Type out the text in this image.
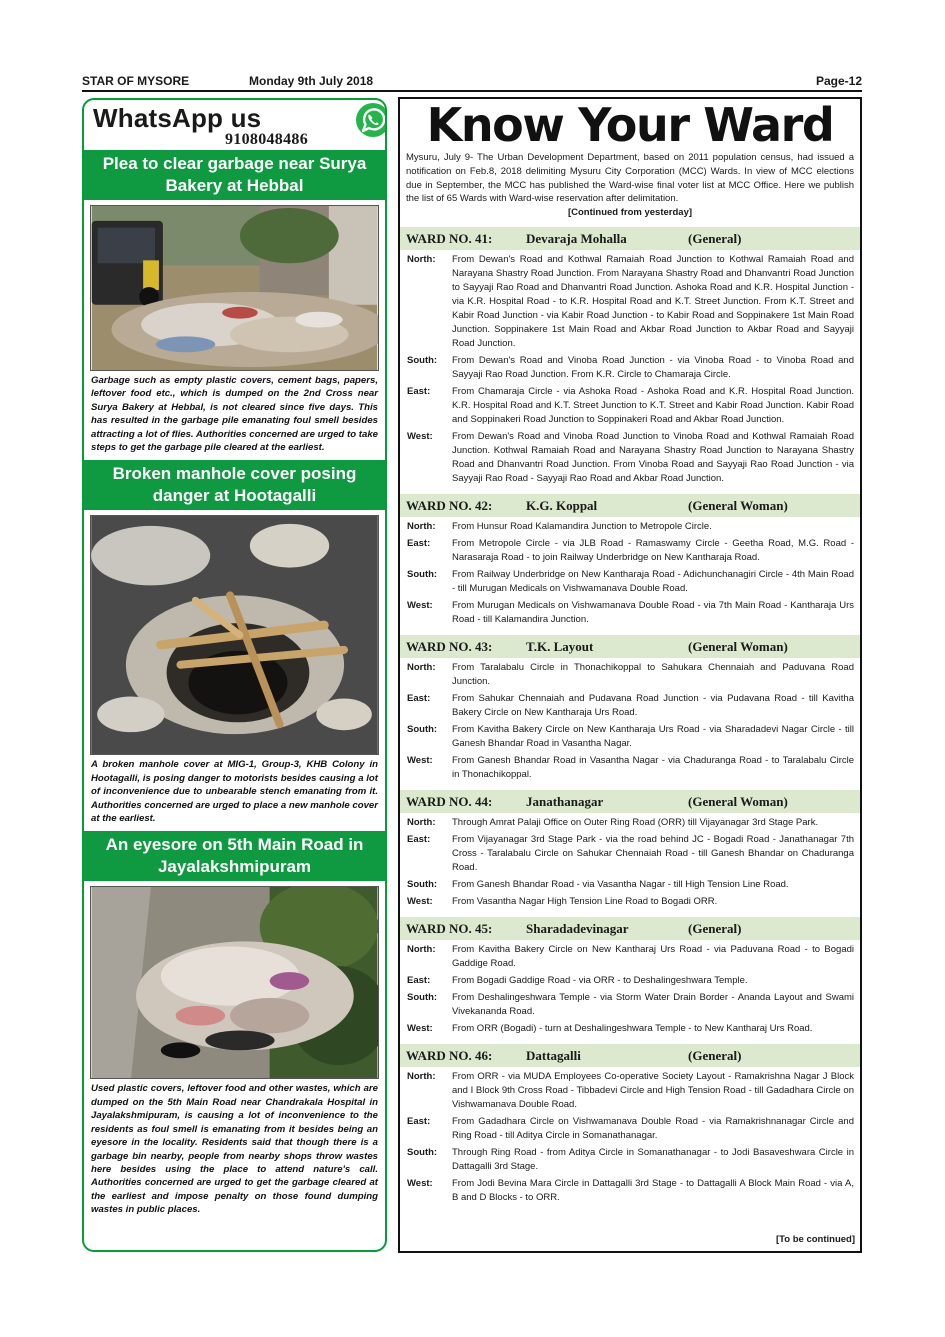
STAR OF MYSORE	Monday 9th July 2018	Page-12
WhatsApp us
9108048486
Plea to clear garbage near Surya Bakery at Hebbal
Garbage such as empty plastic covers, cement bags, papers, leftover food etc., which is dumped on the 2nd Cross near Surya Bakery at Hebbal, is not cleared since five days. This has resulted in the garbage pile emanating foul smell besides attracting a lot of flies. Authorities concerned are urged to take steps to get the garbage pile cleared at the earliest.
Broken manhole cover posing danger at Hootagalli
A broken manhole cover at MIG-1, Group-3, KHB Colony in Hootagalli, is posing danger to motorists besides causing a lot of inconvenience due to unbearable stench emanating from it. Authorities concerned are urged to place a new manhole cover at the earliest.
An eyesore on 5th Main Road in Jayalakshmipuram
Used plastic covers, leftover food and other wastes, which are dumped on the 5th Main Road near Chandrakala Hospital in Jayalakshmipuram, is causing a lot of inconvenience to the residents as foul smell is emanating from it besides being an eyesore in the locality. Residents said that though there is a garbage bin nearby, people from nearby shops throw wastes here besides using the place to attend nature's call. Authorities concerned are urged to get the garbage cleared at the earliest and impose penalty on those found dumping wastes in public places.
Know Your Ward
Mysuru, July 9- The Urban Development Department, based on 2011 population census, had issued a notification on Feb.8, 2018 delimiting Mysuru City Corporation (MCC) Wards. In view of MCC elections due in September, the MCC has published the Ward-wise final voter list at MCC Office. Here we publish the list of 65 Wards with Ward-wise reservation after delimitation.
[Continued from yesterday]
WARD NO. 41:	Devaraja Mohalla	(General)
North:	From Dewan's Road and Kothwal Ramaiah Road Junction to Kothwal Ramaiah Road and Narayana Shastry Road Junction. From Narayana Shastry Road and Dhanvantri Road Junction to Sayyaji Rao Road and Dhanvantri Road Junction. Ashoka Road and K.R. Hospital Junction - via K.R. Hospital Road - to K.R. Hospital Road and K.T. Street Junction. From K.T. Street and Kabir Road Junction - via Kabir Road Junction - to Kabir Road and Soppinakere 1st Main Road Junction. Soppinakere 1st Main Road and Akbar Road Junction to Akbar Road and Sayyaji Road Junction.
South:	From Dewan's Road and Vinoba Road Junction - via Vinoba Road - to Vinoba Road and Sayyaji Rao Road Junction. From K.R. Circle to Chamaraja Circle.
East:	From Chamaraja Circle - via Ashoka Road - Ashoka Road and K.R. Hospital Road Junction. K.R. Hospital Road and K.T. Street Junction to K.T. Street and Kabir Road Junction. Kabir Road and Soppinakeri Road Junction to Soppinakeri Road and Akbar Road Junction.
West:	From Dewan's Road and Vinoba Road Junction to Vinoba Road and Kothwal Ramaiah Road Junction. Kothwal Ramaiah Road and Narayana Shastry Road Junction to Narayana Shastry Road and Dhanvantri Road Junction. From Vinoba Road and Sayyaji Rao Road Junction - via Sayyaji Rao Road - Sayyaji Rao Road and Akbar Road Junction.
WARD NO. 42:	K.G. Koppal	(General Woman)
North:	From Hunsur Road Kalamandira Junction to Metropole Circle.
East:	From Metropole Circle - via JLB Road - Ramaswamy Circle - Geetha Road, M.G. Road - Narasaraja Road - to join Railway Underbridge on New Kantharaja Road.
South:	From Railway Underbridge on New Kantharaja Road - Adichunchanagiri Circle - 4th Main Road - till Murugan Medicals on Vishwamanava Double Road.
West:	From Murugan Medicals on Vishwamanava Double Road - via 7th Main Road - Kantharaja Urs Road - till Kalamandira Junction.
WARD NO. 43:	T.K. Layout	(General Woman)
North:	From Taralabalu Circle in Thonachikoppal to Sahukara Chennaiah and Paduvana Road Junction.
East:	From Sahukar Chennaiah and Pudavana Road Junction - via Pudavana Road - till Kavitha Bakery Circle on New Kantharaja Urs Road.
South:	From Kavitha Bakery Circle on New Kantharaja Urs Road - via Sharadadevi Nagar Circle - till Ganesh Bhandar Road in Vasantha Nagar.
West:	From Ganesh Bhandar Road in Vasantha Nagar - via Chaduranga Road - to Taralabalu Circle in Thonachikoppal.
WARD NO. 44:	Janathanagar	(General Woman)
North:	Through Amrat Palaji Office on Outer Ring Road (ORR) till Vijayanagar 3rd Stage Park.
East:	From Vijayanagar 3rd Stage Park - via the road behind JC - Bogadi Road - Janathanagar 7th Cross - Taralabalu Circle on Sahukar Chennaiah Road - till Ganesh Bhandar on Chaduranga Road.
South:	From Ganesh Bhandar Road - via Vasantha Nagar - till High Tension Line Road.
West:	From Vasantha Nagar High Tension Line Road to Bogadi ORR.
WARD NO. 45:	Sharadadevinagar	(General)
North:	From Kavitha Bakery Circle on New Kantharaj Urs Road - via Paduvana Road - to Bogadi Gaddige Road.
East:	From Bogadi Gaddige Road - via ORR - to Deshalingeshwara Temple.
South:	From Deshalingeshwara Temple - via Storm Water Drain Border - Ananda Layout and Swami Vivekananda Road.
West:	From ORR (Bogadi) - turn at Deshalingeshwara Temple - to New Kantharaj Urs Road.
WARD NO. 46:	Dattagalli	(General)
North:	From ORR - via MUDA Employees Co-operative Society Layout - Ramakrishna Nagar J Block and I Block 9th Cross Road - Tibbadevi Circle and High Tension Road - till Gadadhara Circle on Vishwamanava Double Road.
East:	From Gadadhara Circle on Vishwamanava Double Road - via Ramakrishnanagar Circle and Ring Road - till Aditya Circle in Somanathanagar.
South:	Through Ring Road - from Aditya Circle in Somanathanagar - to Jodi Basaveshwara Circle in Dattagalli 3rd Stage.
West:	From Jodi Bevina Mara Circle in Dattagalli 3rd Stage - to Dattagalli A Block Main Road - via A, B and D Blocks - to ORR.
[To be continued]
